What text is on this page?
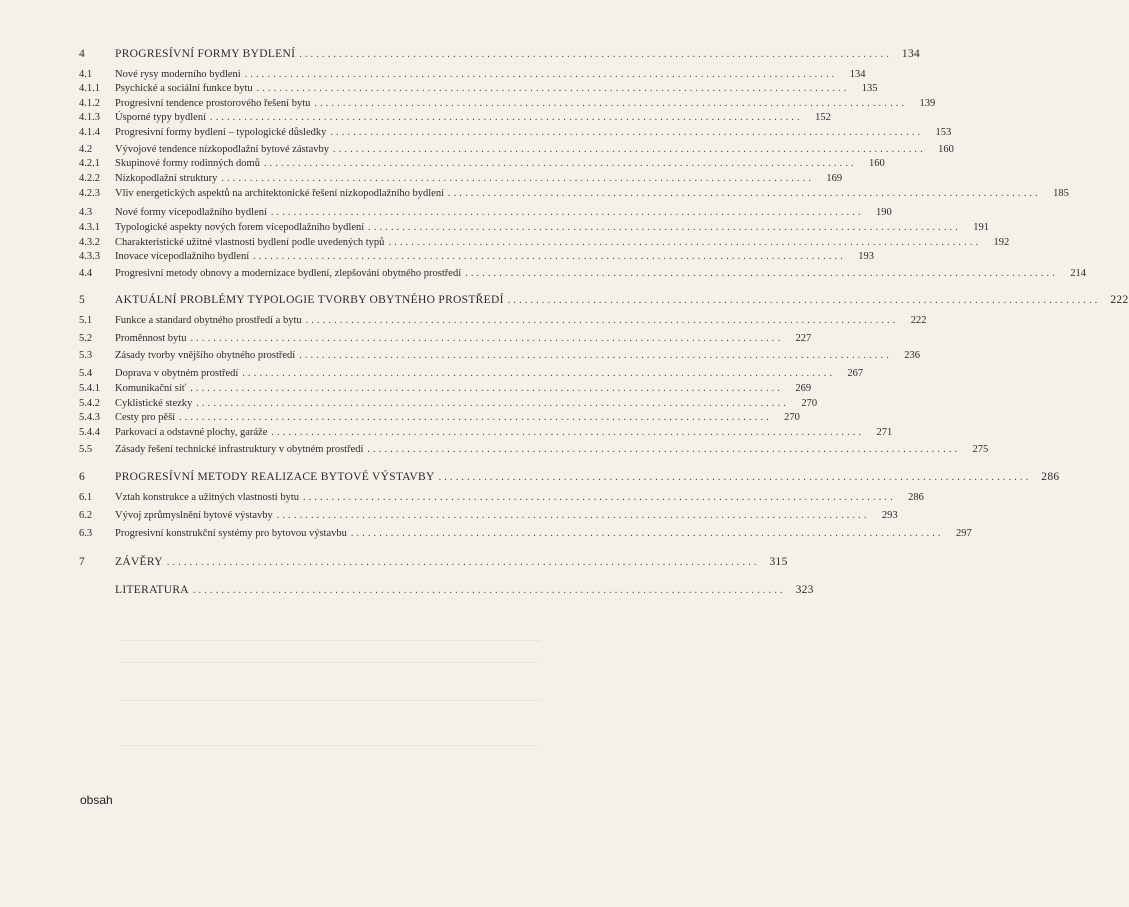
4	PROGRESÍVNÍ FORMY BYDLENÍ ........................................................................................................ 134
4.1 Nové rysy moderního bydlení ........................................................................................................	134
4.1.1 Psychické a sociální funkce bytu ........................................................................................................	135
4.1.2 Progresivní tendence prostorového řešení bytu ........................................................................................................	139
4.1.3 Úsporné typy bydlení ........................................................................................................	152
4.1.4 Progresivní formy bydlení – typologické důsledky ........................................................................................................	153
4.2 Vývojové tendence nízkopodlažní bytové zástavby ........................................................................................................	160
4.2.1 Skupinové formy rodinných domů ........................................................................................................	160
4.2.2 Nízkopodlažní struktury ........................................................................................................	169
4.2.3 Vliv energetických aspektů na architektonické řešení nízkopodlažního bydlení ........................................................................................................	185
4.3 Nové formy vícepodlažního bydlení ........................................................................................................	190
4.3.1 Typologické aspekty nových forem vícepodlažního bydlení ........................................................................................................	191
4.3.2 Charakteristické užitné vlastnosti bydlení podle uvedených typů ........................................................................................................	192
4.3.3 Inovace vícepodlažního bydlení ........................................................................................................	193
4.4 Progresivní metody obnovy a modernizace bydlení, zlepšování obytného prostředí ........................................................................................................	214
5	AKTUÁLNÍ PROBLÉMY TYPOLOGIE TVORBY OBYTNÉHO PROSTŘEDÍ ........................................................................................................ 222
5.1 Funkce a standard obytného prostředí a bytu ........................................................................................................	222
5.2 Proměnnost bytu ........................................................................................................	227
5.3 Zásady tvorby vnějšího obytného prostředí ........................................................................................................	236
5.4 Doprava v obytném prostředí ........................................................................................................	267
5.4.1 Komunikační síť ........................................................................................................	269
5.4.2 Cyklistické stezky ........................................................................................................	270
5.4.3 Cesty pro pěší ........................................................................................................	270
5.4.4 Parkovací a odstavné plochy, garáže ........................................................................................................	271
5.5 Zásady řešení technické infrastruktury v obytném prostředí ........................................................................................................	275
6	PROGRESÍVNÍ METODY REALIZACE BYTOVÉ VÝSTAVBY ........................................................................................................ 286
6.1 Vztah konstrukce a užitných vlastností bytu ........................................................................................................	286
6.2 Vývoj zprůmyslnění bytové výstavby ........................................................................................................	293
6.3 Progresivní konstrukční systémy pro bytovou výstavbu ........................................................................................................	297
7	ZÁVĚRY ........................................................................................................ 315
LITERATURA ........................................................................................................ 323
obsah
